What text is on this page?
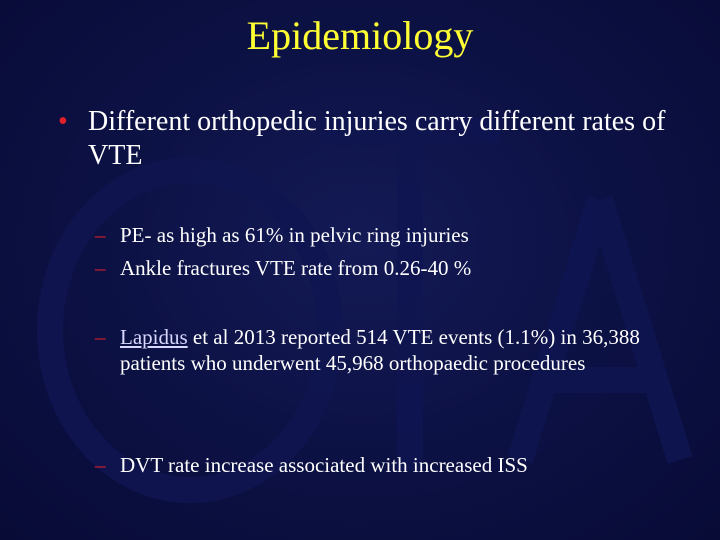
Epidemiology
• Different orthopedic injuries carry different rates of VTE
– PE- as high as 61% in pelvic ring injuries
– Ankle fractures VTE rate from 0.26-40 %
– Lapidus et al 2013 reported 514 VTE events (1.1%) in 36,388 patients who underwent 45,968 orthopaedic procedures
– DVT rate increase associated with increased ISS
